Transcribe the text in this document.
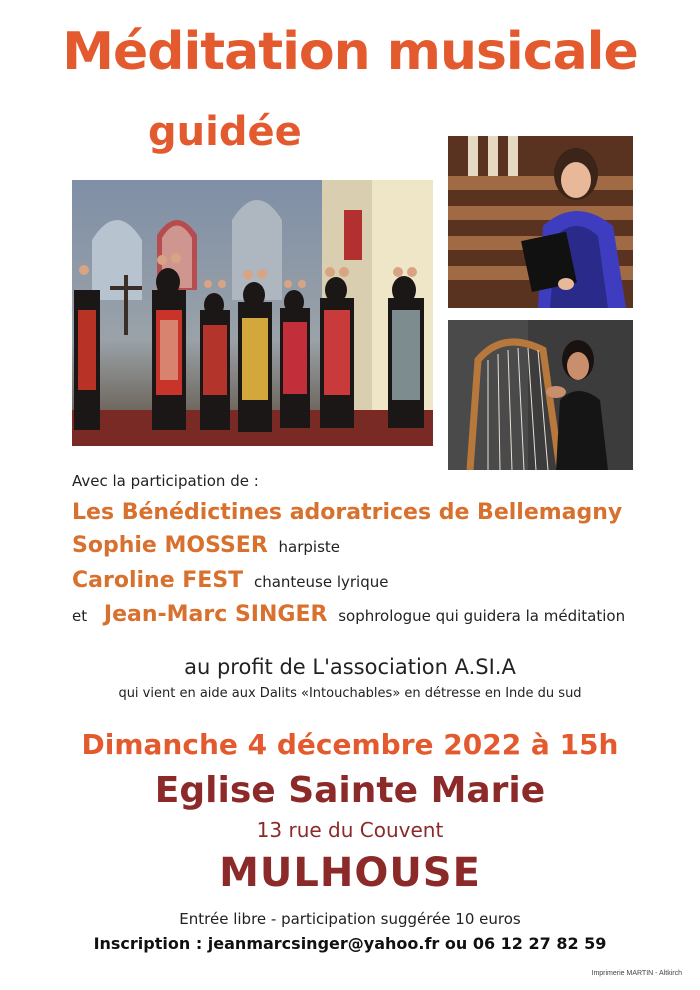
Méditation musicale
guidée
Avec la participation de :
Les Bénédictines adoratrices de Bellemagny
Sophie MOSSER harpiste
Caroline FEST chanteuse lyrique
et Jean-Marc SINGER sophrologue qui guidera la méditation
au profit de L'association A.SI.A
qui vient en aide aux Dalits «Intouchables» en détresse en Inde du sud
Dimanche 4 décembre 2022 à 15h
Eglise Sainte Marie
13 rue du Couvent
MULHOUSE
Entrée libre - participation suggérée 10 euros
Inscription : jeanmarcsinger@yahoo.fr ou 06 12 27 82 59
Imprimerie MARTIN - Altkirch
